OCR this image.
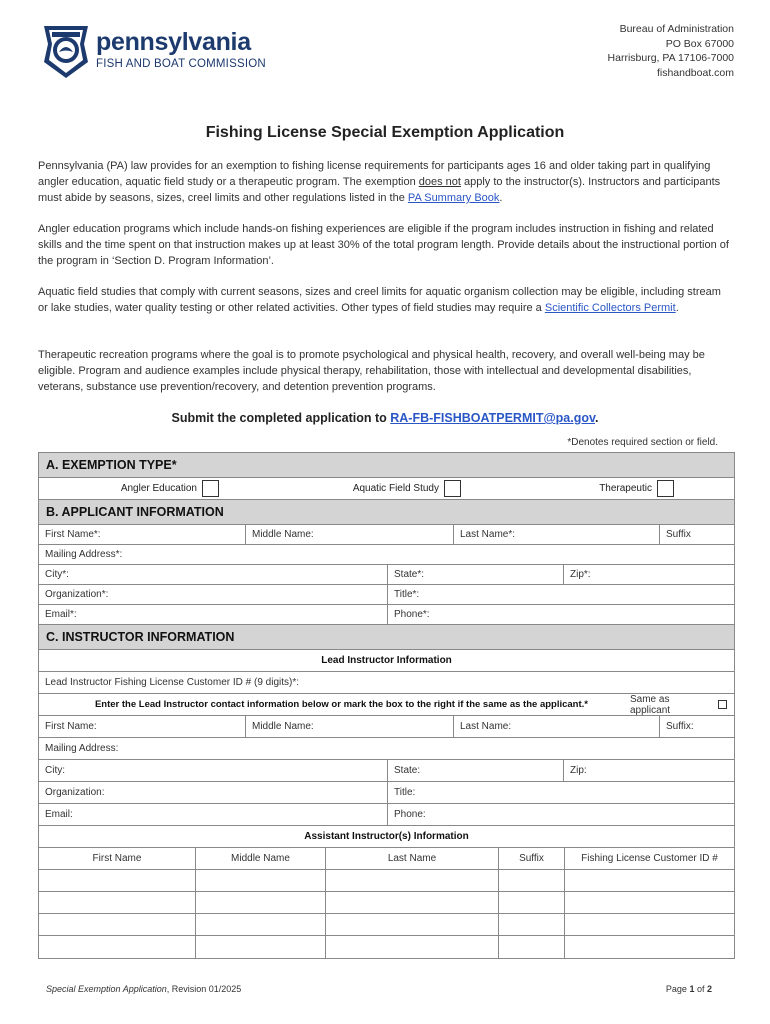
pennsylvania
FISH AND BOAT COMMISSION
Bureau of Administration
PO Box 67000
Harrisburg, PA 17106-7000
fishandboat.com
Fishing License Special Exemption Application
Pennsylvania (PA) law provides for an exemption to fishing license requirements for participants ages 16 and older taking part in qualifying angler education, aquatic field study or a therapeutic program. The exemption does not apply to the instructor(s). Instructors and participants must abide by seasons, sizes, creel limits and other regulations listed in the PA Summary Book.
Angler education programs which include hands-on fishing experiences are eligible if the program includes instruction in fishing and related skills and the time spent on that instruction makes up at least 30% of the total program length. Provide details about the instructional portion of the program in ‘Section D. Program Information’.
Aquatic field studies that comply with current seasons, sizes and creel limits for aquatic organism collection may be eligible, including stream or lake studies, water quality testing or other related activities. Other types of field studies may require a Scientific Collectors Permit.
Therapeutic recreation programs where the goal is to promote psychological and physical health, recovery, and overall well-being may be eligible. Program and audience examples include physical therapy, rehabilitation, those with intellectual and developmental disabilities, veterans, substance use prevention/recovery, and detention prevention programs.
Submit the completed application to RA-FB-FISHBOATPERMIT@pa.gov.
*Denotes required section or field.
A. EXEMPTION TYPE*
Angler Education	Aquatic Field Study	Therapeutic
B. APPLICANT INFORMATION
First Name*:	Middle Name:	Last Name*:	Suffix
Mailing Address*:
City*:	State*:	Zip*:
Organization*:	Title*:
Email*:	Phone*:
C. INSTRUCTOR INFORMATION
Lead Instructor Information
Lead Instructor Fishing License Customer ID # (9 digits)*:
Enter the Lead Instructor contact information below or mark the box to the right if the same as the applicant.*	Same as applicant
First Name:	Middle Name:	Last Name:	Suffix:
Mailing Address:
City:	State:	Zip:
Organization:	Title:
Email:	Phone:
Assistant Instructor(s) Information
First Name	Middle Name	Last Name	Suffix	Fishing License Customer ID #
Special Exemption Application, Revision 01/2025	Page 1 of 2
